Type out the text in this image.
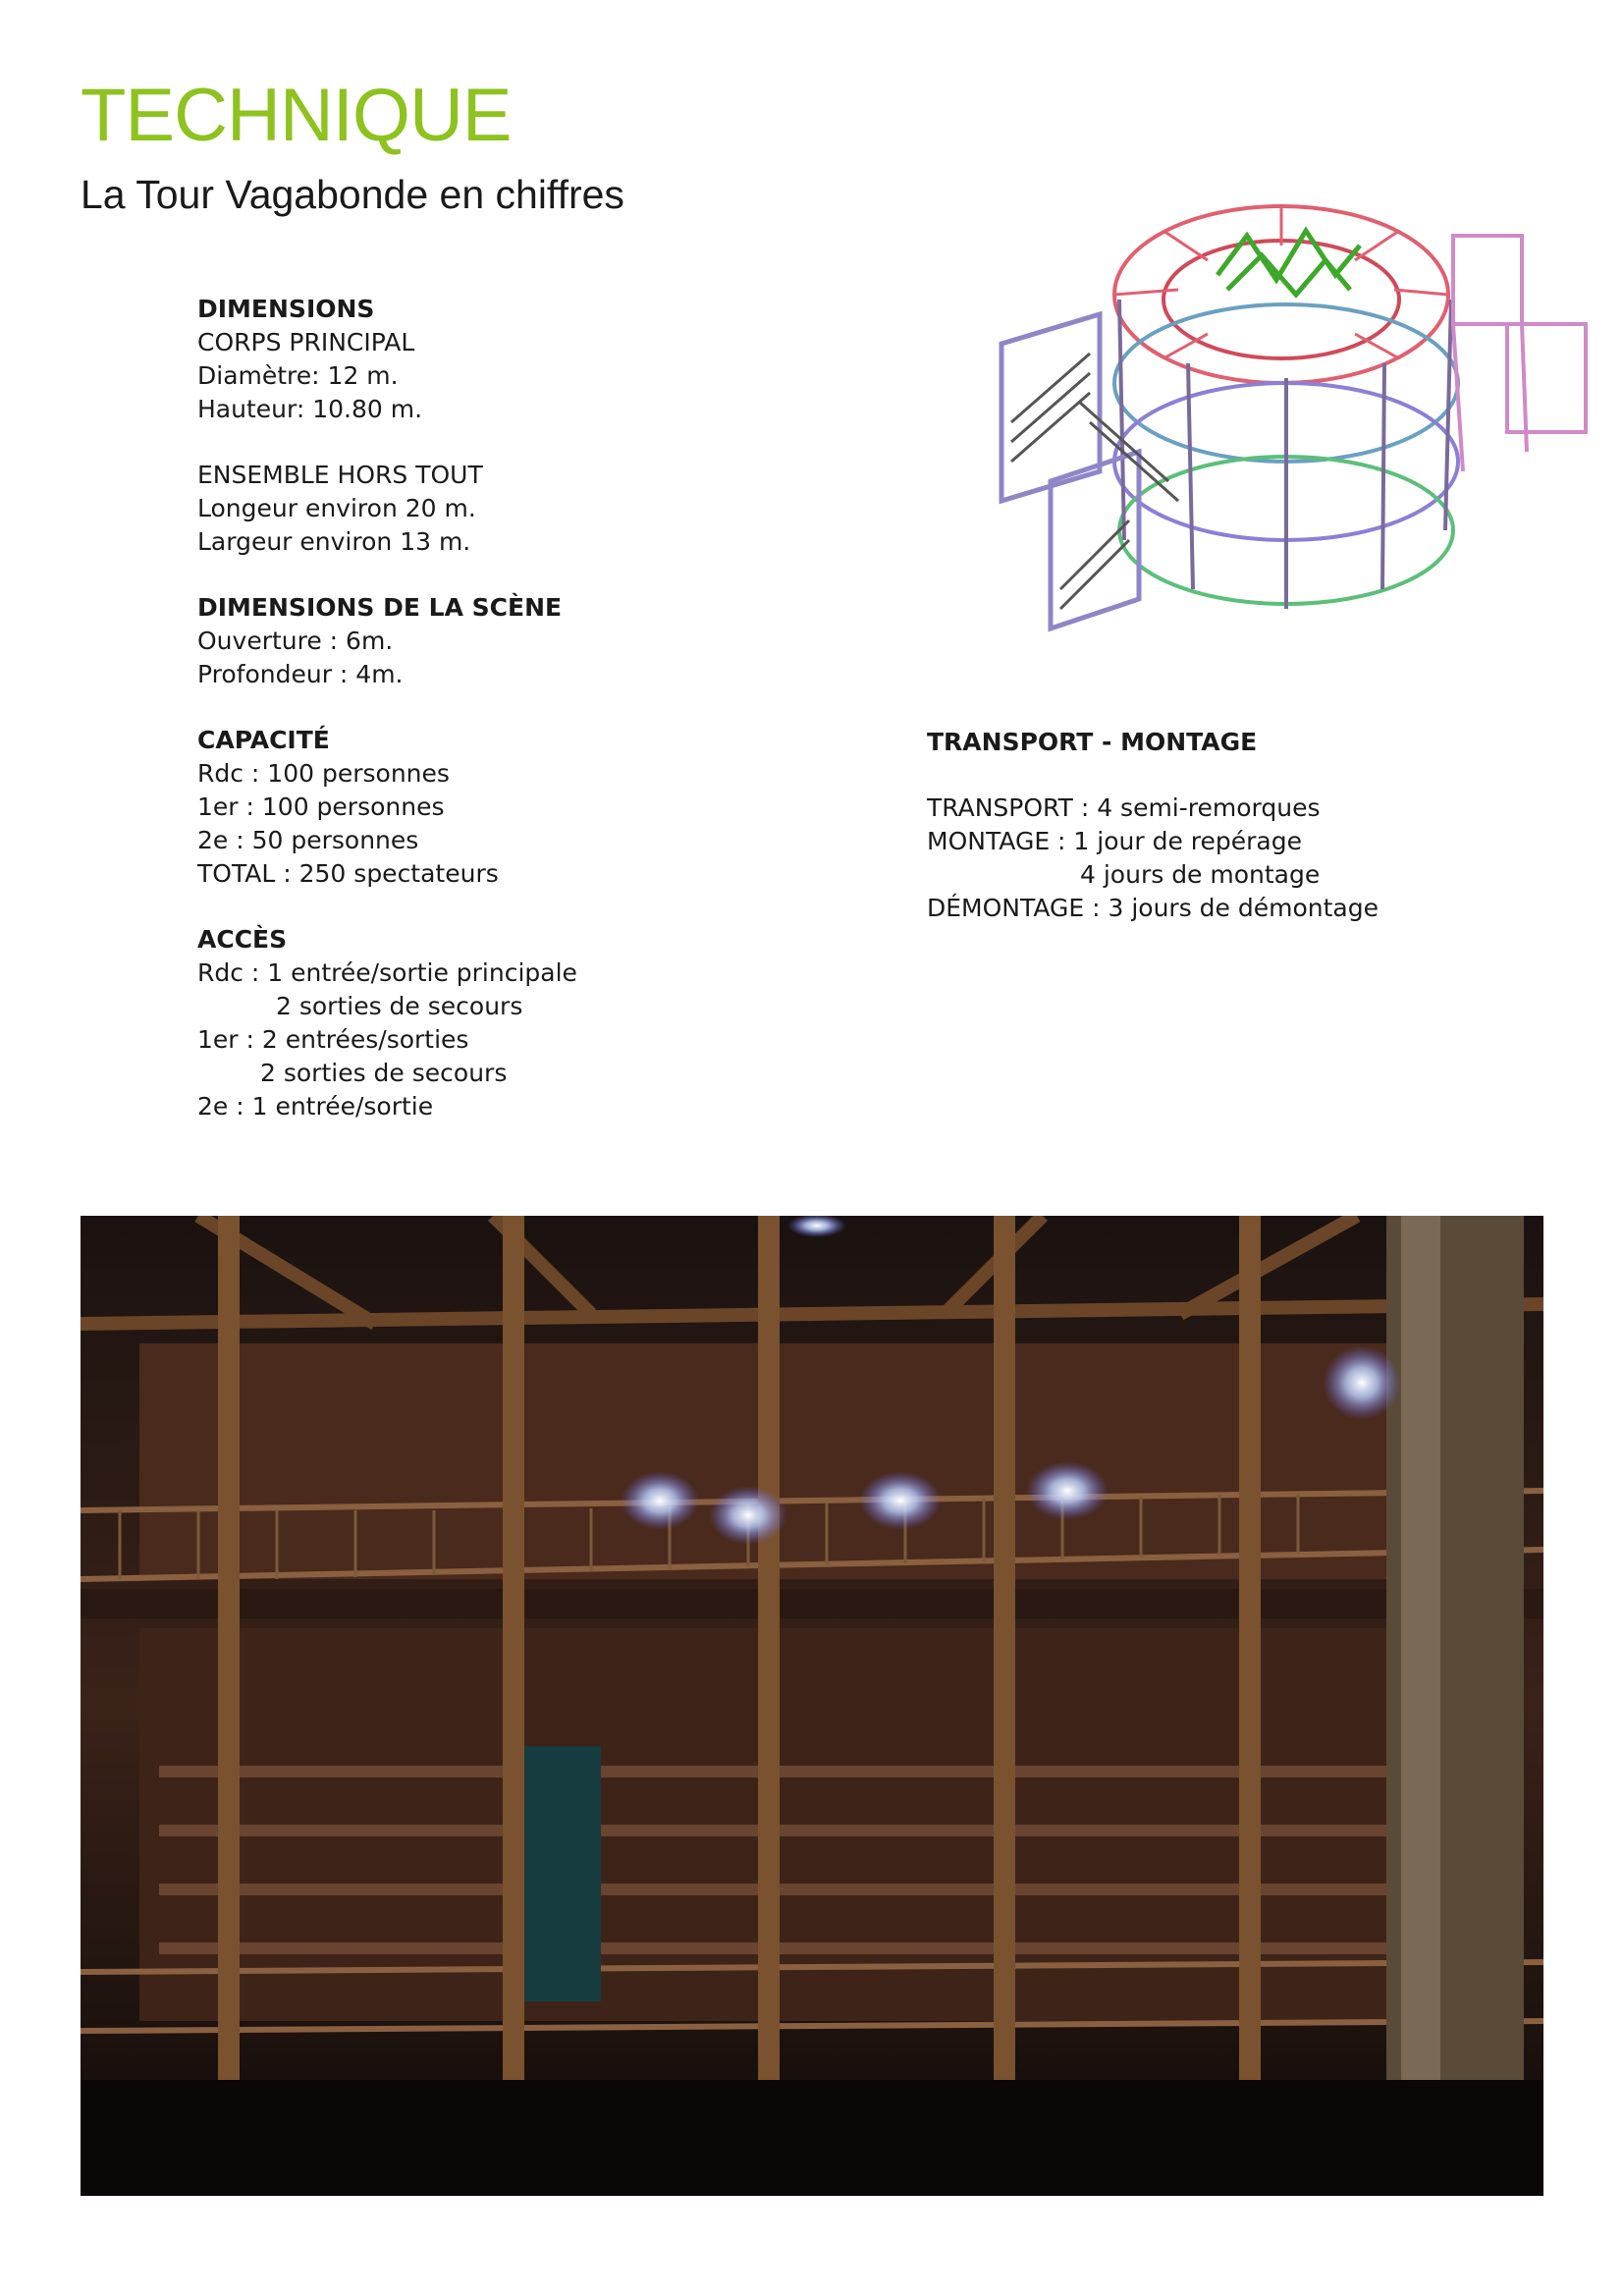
TECHNIQUE
La Tour Vagabonde en chiffres
DIMENSIONS
CORPS PRINCIPAL
Diamètre: 12 m.
Hauteur: 10.80 m.
ENSEMBLE HORS TOUT
Longeur environ 20 m.
Largeur environ 13 m.
DIMENSIONS DE LA SCÈNE
Ouverture : 6m.
Profondeur : 4m.
CAPACITÉ
Rdc : 100 personnes
1er : 100 personnes
2e : 50 personnes
TOTAL : 250 spectateurs
ACCÈS
Rdc : 1 entrée/sortie principale
2 sorties de secours
1er : 2 entrées/sorties
2 sorties de secours
2e : 1 entrée/sortie
TRANSPORT - MONTAGE
TRANSPORT : 4 semi-remorques
MONTAGE : 1 jour de repérage
4 jours de montage
DÉMONTAGE : 3 jours de démontage
